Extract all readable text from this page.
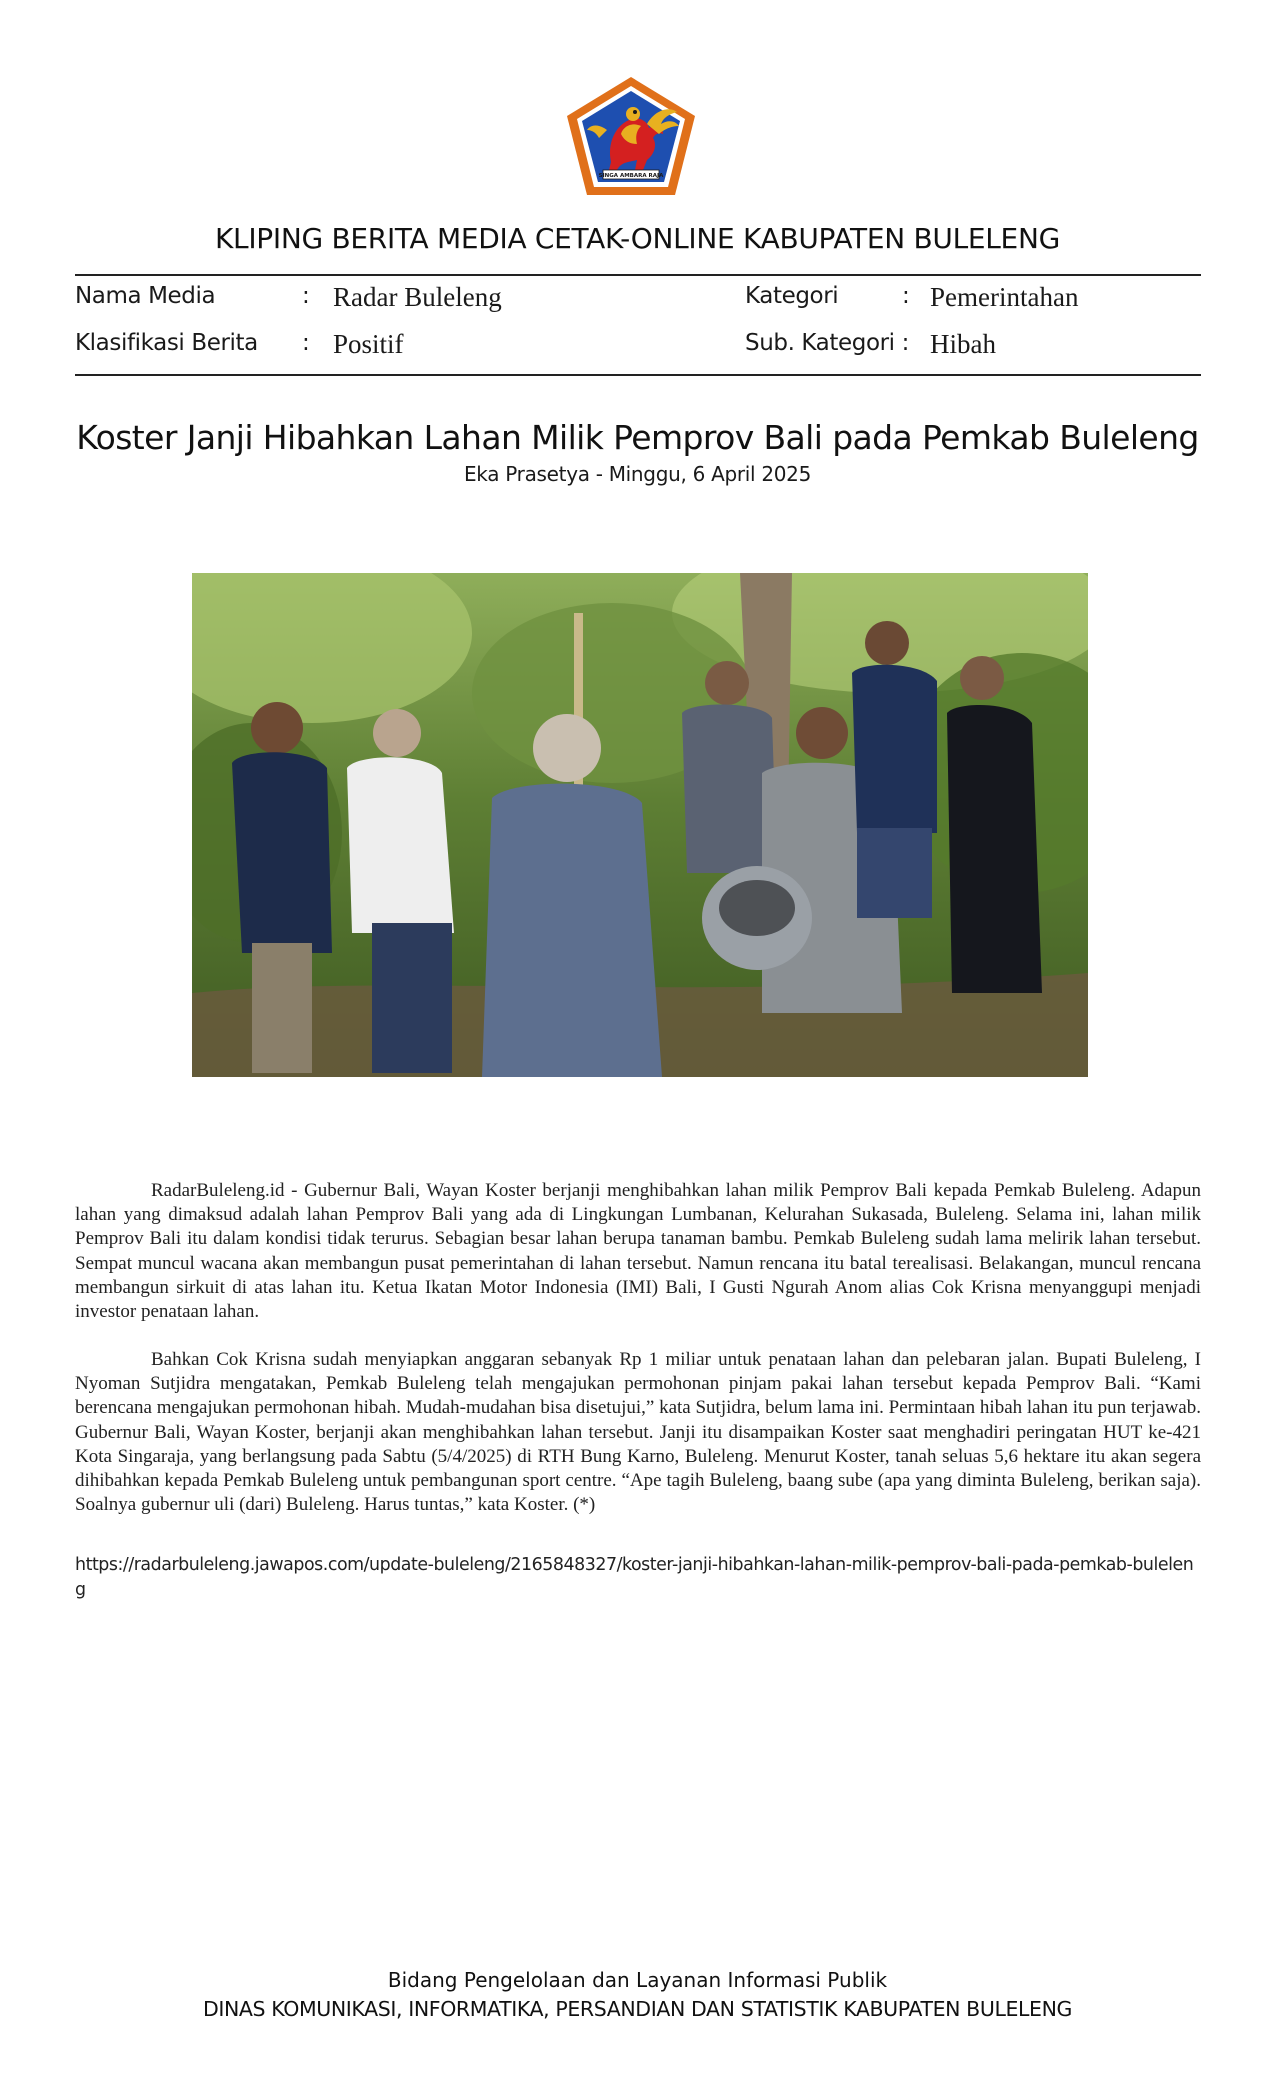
SINGA AMBARA RAJA
KLIPING BERITA MEDIA CETAK-ONLINE KABUPATEN BULELENG
Nama Media	: Radar Buleleng	Kategori	: Pemerintahan
Klasifikasi Berita : Positif	Sub. Kategori : Hibah
Koster Janji Hibahkan Lahan Milik Pemprov Bali pada Pemkab Buleleng
Eka Prasetya - Minggu, 6 April 2025

RadarBuleleng.id - Gubernur Bali, Wayan Koster berjanji menghibahkan lahan milik Pemprov Bali kepada Pemkab Buleleng. Adapun lahan yang dimaksud adalah lahan Pemprov Bali yang ada di Lingkungan Lumbanan, Kelurahan Sukasada, Buleleng. Selama ini, lahan milik Pemprov Bali itu dalam kondisi tidak terurus. Sebagian besar lahan berupa tanaman bambu. Pemkab Buleleng sudah lama melirik lahan tersebut. Sempat muncul wacana akan membangun pusat pemerintahan di lahan tersebut. Namun rencana itu batal terealisasi. Belakangan, muncul rencana membangun sirkuit di atas lahan itu. Ketua Ikatan Motor Indonesia (IMI) Bali, I Gusti Ngurah Anom alias Cok Krisna menyanggupi menjadi investor penataan lahan.

Bahkan Cok Krisna sudah menyiapkan anggaran sebanyak Rp 1 miliar untuk penataan lahan dan pelebaran jalan. Bupati Buleleng, I Nyoman Sutjidra mengatakan, Pemkab Buleleng telah mengajukan permohonan pinjam pakai lahan tersebut kepada Pemprov Bali. “Kami berencana mengajukan permohonan hibah. Mudah-mudahan bisa disetujui,” kata Sutjidra, belum lama ini. Permintaan hibah lahan itu pun terjawab. Gubernur Bali, Wayan Koster, berjanji akan menghibahkan lahan tersebut. Janji itu disampaikan Koster saat menghadiri peringatan HUT ke-421 Kota Singaraja, yang berlangsung pada Sabtu (5/4/2025) di RTH Bung Karno, Buleleng. Menurut Koster, tanah seluas 5,6 hektare itu akan segera dihibahkan kepada Pemkab Buleleng untuk pembangunan sport centre. “Ape tagih Buleleng, baang sube (apa yang diminta Buleleng, berikan saja). Soalnya gubernur uli (dari) Buleleng. Harus tuntas,” kata Koster. (*)

https://radarbuleleng.jawapos.com/update-buleleng/2165848327/koster-janji-hibahkan-lahan-milik-pemprov-bali-pada-pemkab-buleleng
Bidang Pengelolaan dan Layanan Informasi Publik
DINAS KOMUNIKASI, INFORMATIKA, PERSANDIAN DAN STATISTIK KABUPATEN BULELENG
